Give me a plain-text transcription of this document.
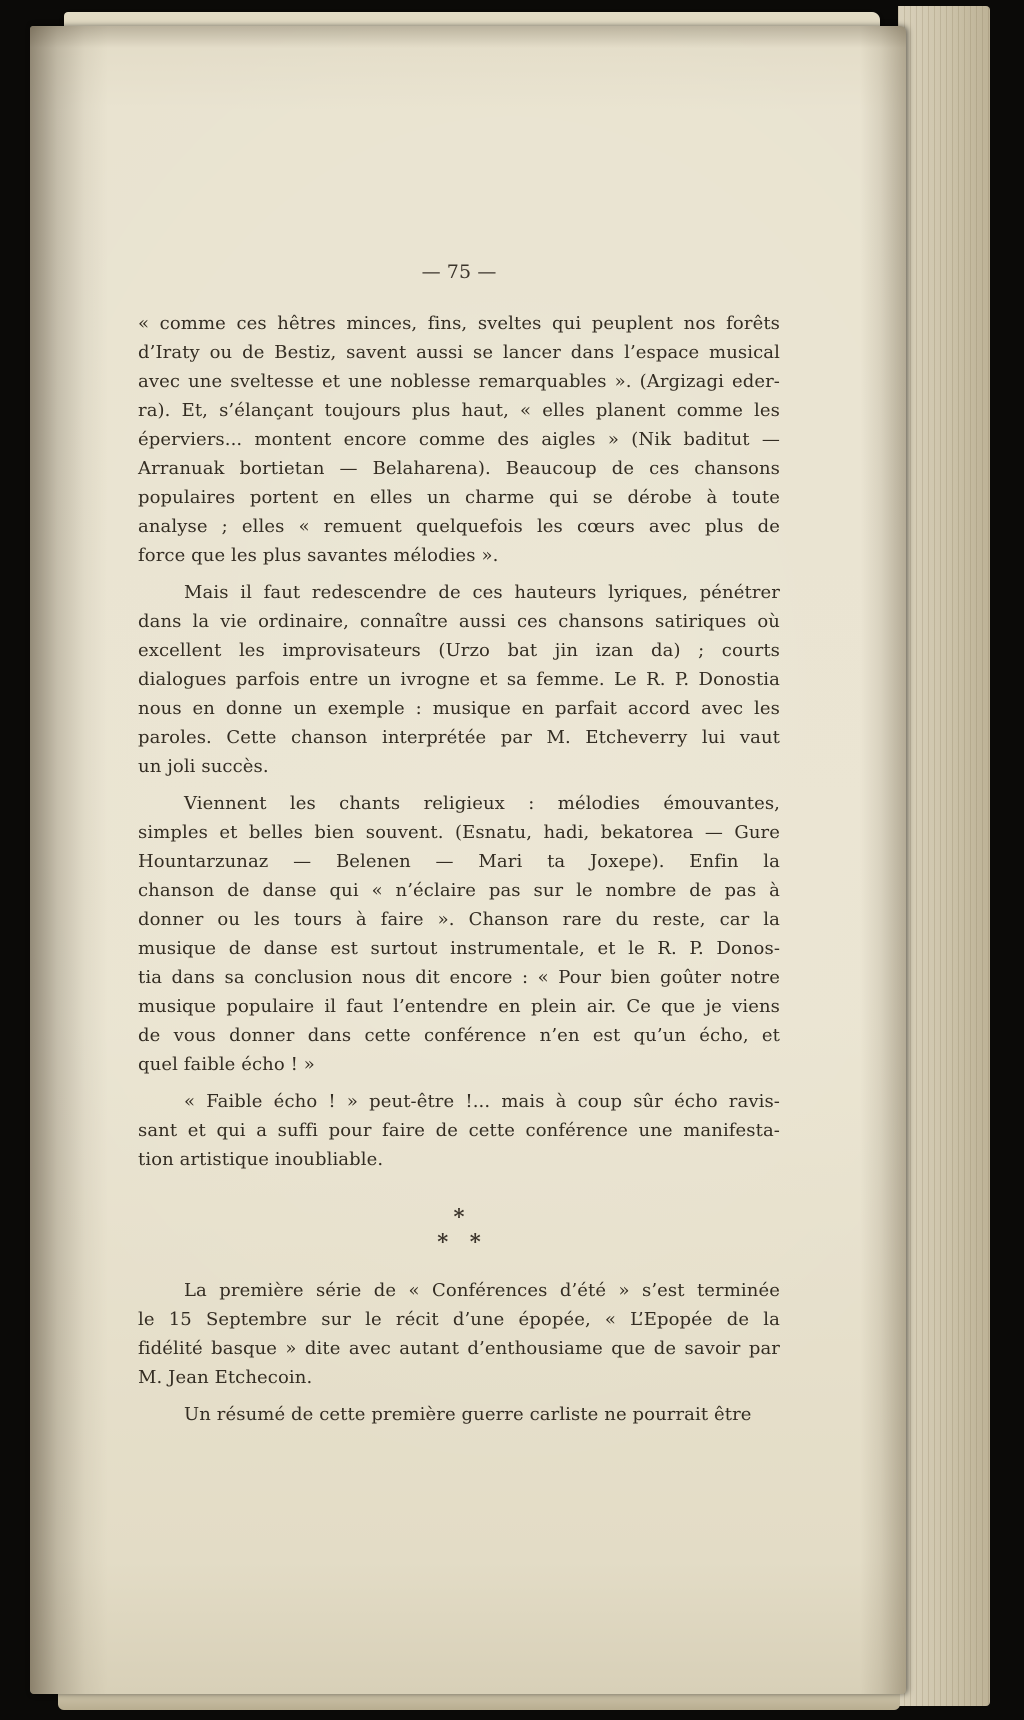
— 75 —
« comme ces hêtres minces, fins, sveltes qui peuplent nos forêts
d’Iraty ou de Bestiz, savent aussi se lancer dans l’espace musical
avec une sveltesse et une noblesse remarquables ». (Argizagi eder-
ra). Et, s’élançant toujours plus haut, « elles planent comme les
éperviers... montent encore comme des aigles » (Nik baditut —
Arranuak bortietan — Belaharena). Beaucoup de ces chansons
populaires portent en elles un charme qui se dérobe à toute
analyse ; elles « remuent quelquefois les cœurs avec plus de
force que les plus savantes mélodies ».
Mais il faut redescendre de ces hauteurs lyriques, pénétrer
dans la vie ordinaire, connaître aussi ces chansons satiriques où
excellent les improvisateurs (Urzo bat jin izan da) ; courts
dialogues parfois entre un ivrogne et sa femme. Le R. P. Donostia
nous en donne un exemple : musique en parfait accord avec les
paroles. Cette chanson interprétée par M. Etcheverry lui vaut
un joli succès.
Viennent les chants religieux : mélodies émouvantes,
simples et belles bien souvent. (Esnatu, hadi, bekatorea — Gure
Hountarzunaz — Belenen — Mari ta Joxepe). Enfin la
chanson de danse qui « n’éclaire pas sur le nombre de pas à
donner ou les tours à faire ». Chanson rare du reste, car la
musique de danse est surtout instrumentale, et le R. P. Donos-
tia dans sa conclusion nous dit encore : « Pour bien goûter notre
musique populaire il faut l’entendre en plein air. Ce que je viens
de vous donner dans cette conférence n’en est qu’un écho, et
quel faible écho ! »
« Faible écho ! » peut-être !... mais à coup sûr écho ravis-
sant et qui a suffi pour faire de cette conférence une manifesta-
tion artistique inoubliable.
*
* *
La première série de « Conférences d’été » s’est terminée
le 15 Septembre sur le récit d’une épopée, « L’Epopée de la
fidélité basque » dite avec autant d’enthousiame que de savoir par
M. Jean Etchecoin.
Un résumé de cette première guerre carliste ne pourrait être
